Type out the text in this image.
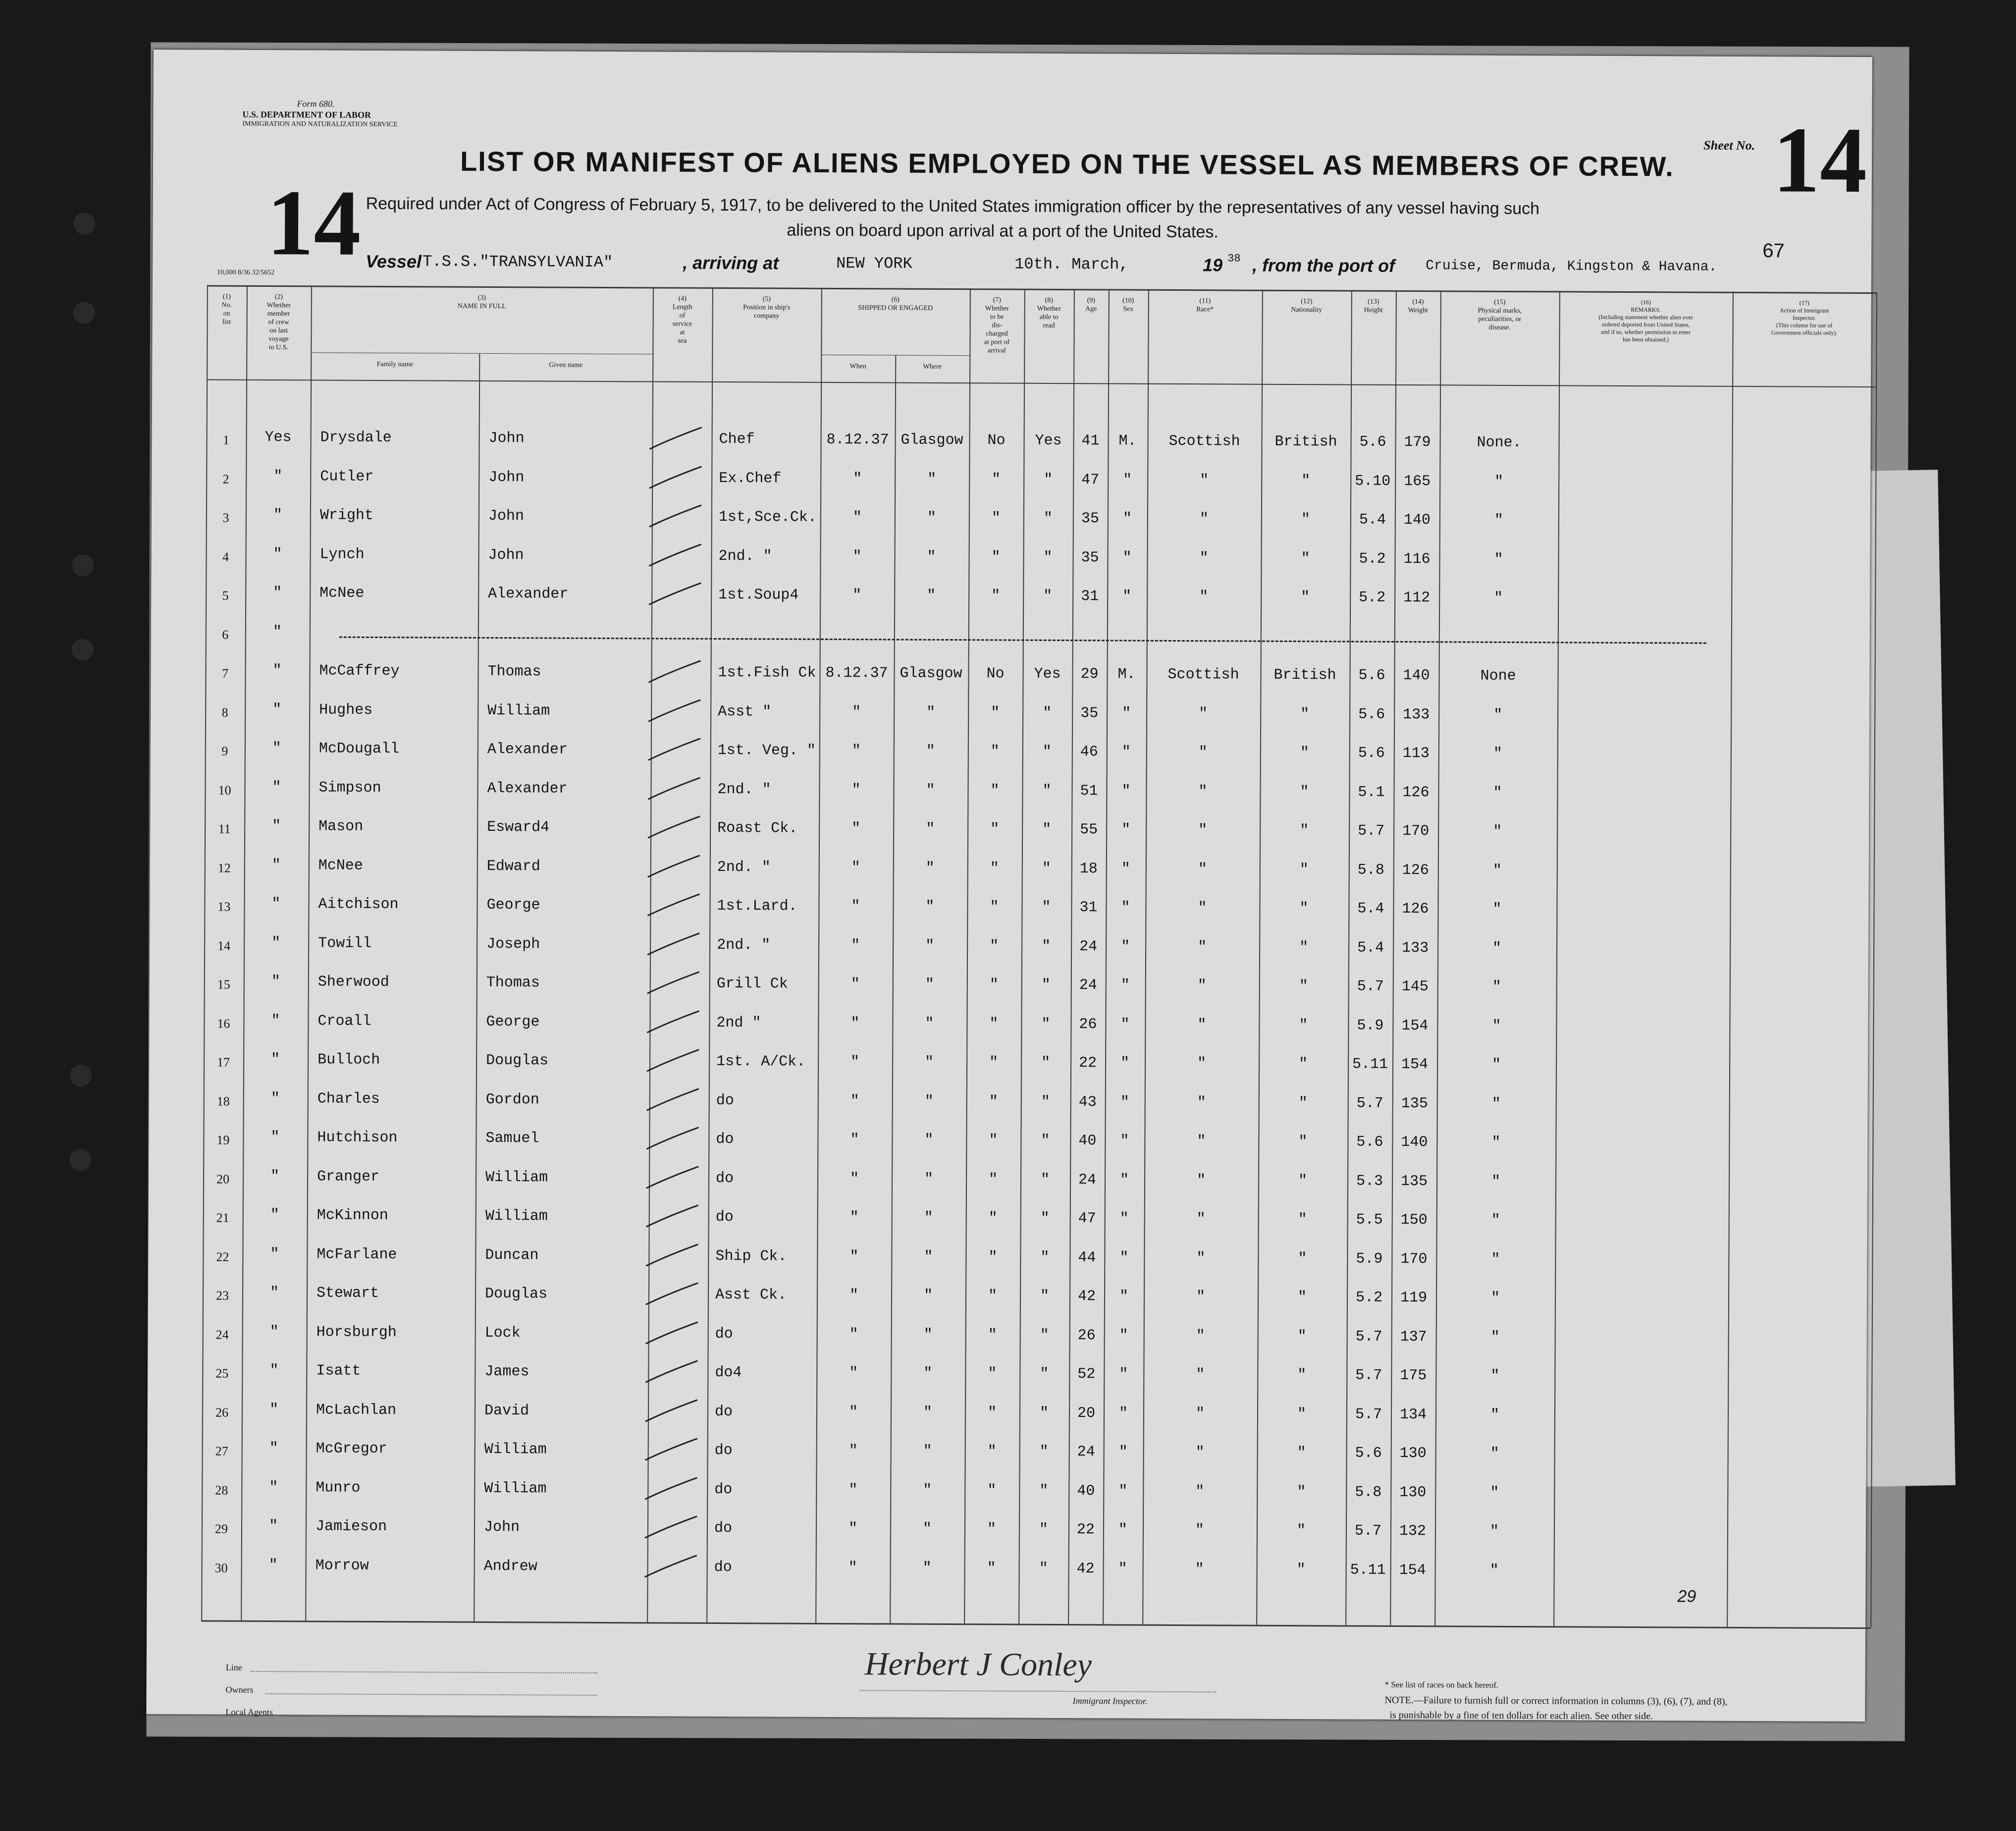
Form 680.
U.S. DEPARTMENT OF LABOR
IMMIGRATION AND NATURALIZATION SERVICE
Sheet No. 14
LIST OR MANIFEST OF ALIENS EMPLOYED ON THE VESSEL AS MEMBERS OF CREW.
14 Required under Act of Congress of February 5, 1917, to be delivered to the United States immigration officer by the representatives of any vessel having such
aliens on board upon arrival at a port of the United States.
67
10,000 8/36 32/5652
Vessel T.S.S."TRANSYLVANIA"	, arriving at	NEW YORK	10th. March,	19 38 , from the port of Cruise, Bermuda, Kingston & Havana.
(1)
No.
on
list
(2)
Whether
member
of crew
on last
voyage
to U.S.
(3)
NAME IN FULL
Family name	Given name
(4)
Length
of
service
at
sea
(5)
Position in ship's
company
(6)
SHIPPED OR ENGAGED
When	Where
(7)
Whether
to be
dis-
charged
at port of
arrival
(8)
Whether
able to
read
(9)
Age
(10)
Sex
(11)
Race*
(12)
Nationality
(13)
Height
(14)
Weight
(15)
Physical marks,
peculiarities, or
disease.
(16)
REMARKS.
(Including statement whether alien ever
ordered deported from United States,
and if so, whether permission to enter
has been obtained.)
(17)
Action of Immigrant
Inspector.
(This column for use of
Government officials only).
1	Yes	Drysdale	John	Chef	8.12.37 Glasgow	No	Yes	41	M.	Scottish	British	5.6	179	None.
2	"	Cutler	John	Ex.Chef	"	"	"	"	47	"	"	"	5.10 165	"
3	"	Wright	John	1st,Sce.Ck.	"	"	"	"	35	"	"	"	5.4	140	"
4	"	Lynch	John	2nd. "	"	"	"	"	35	"	"	"	5.2	116	"
5	"	McNee	Alexander	1st.Soup4	"	"	"	"	31	"	"	"	5.2	112	"
6	"
7	"	McCaffrey	Thomas	1st.Fish Ck 8.12.37 Glasgow	No	Yes	29	M.	Scottish	British	5.6	140	None
8	"	Hughes	William	Asst "	"	"	"	"	35	"	"	"	5.6	133	"
9	"	McDougall	Alexander	1st. Veg. "	"	"	"	"	46	"	"	"	5.6	113	"
10	"	Simpson	Alexander	2nd. "	"	"	"	"	51	"	"	"	5.1	126	"
11	"	Mason	Esward4	Roast Ck.	"	"	"	"	55	"	"	"	5.7	170	"
12	"	McNee	Edward	2nd. "	"	"	"	"	18	"	"	"	5.8	126	"
13	"	Aitchison	George	1st.Lard.	"	"	"	"	31	"	"	"	5.4	126	"
14	"	Towill	Joseph	2nd. "	"	"	"	"	24	"	"	"	5.4	133	"
15	"	Sherwood	Thomas	Grill Ck	"	"	"	"	24	"	"	"	5.7	145	"
16	"	Croall	George	2nd "	"	"	"	"	26	"	"	"	5.9	154	"
17	"	Bulloch	Douglas	1st. A/Ck.	"	"	"	"	22	"	"	"	5.11 154	"
18	"	Charles	Gordon	do	"	"	"	"	43	"	"	"	5.7	135	"
19	"	Hutchison	Samuel	do	"	"	"	"	40	"	"	"	5.6	140	"
20	"	Granger	William	do	"	"	"	"	24	"	"	"	5.3	135	"
21	"	McKinnon	William	do	"	"	"	"	47	"	"	"	5.5	150	"
22	"	McFarlane	Duncan	Ship Ck.	"	"	"	"	44	"	"	"	5.9	170	"
23	"	Stewart	Douglas	Asst Ck.	"	"	"	"	42	"	"	"	5.2	119	"
24	"	Horsburgh	Lock	do	"	"	"	"	26	"	"	"	5.7	137	"
25	"	Isatt	James	do4	"	"	"	"	52	"	"	"	5.7	175	"
26	"	McLachlan	David	do	"	"	"	"	20	"	"	"	5.7	134	"
27	"	McGregor	William	do	"	"	"	"	24	"	"	"	5.6	130	"
28	"	Munro	William	do	"	"	"	"	40	"	"	"	5.8	130	"
29	"	Jamieson	John	do	"	"	"	"	22	"	"	"	5.7	132	"
30	"	Morrow	Andrew	do	"	"	"	"	42	"	"	"	5.11 154	"
29
Line
Owners
Local Agents
Herbert J Conley
Immigrant Inspector.
* See list of races on back hereof.
NOTE.—Failure to furnish full or correct information in columns (3), (6), (7), and (8),
is punishable by a fine of ten dollars for each alien. See other side.
